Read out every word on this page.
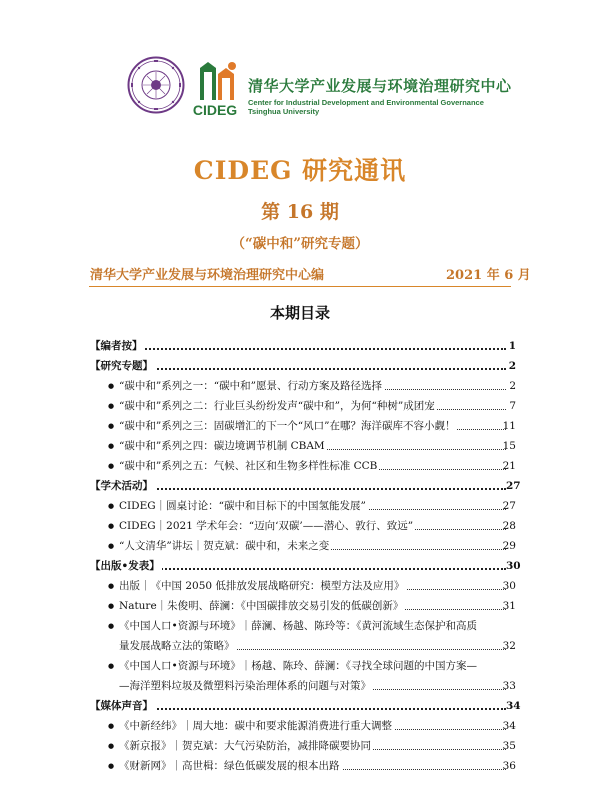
CIDEG
清华大学产业发展与环境治理研究中心
Center for Industrial Development and Environmental Governance
Tsinghua University
CIDEG 研究通讯
第 16 期
（“碳中和”研究专题）
清华大学产业发展与环境治理研究中心编	2021 年 6 月
本期目录
【编者按】	1
【研究专题】	2
● “碳中和”系列之一：“碳中和”愿景、行动方案及路径选择	2
● “碳中和”系列之二：行业巨头纷纷发声“碳中和”，为何“种树”成团宠	7
● “碳中和”系列之三：固碳增汇的下一个“风口”在哪？海洋碳库不容小觑！	11
● “碳中和”系列之四：碳边境调节机制 CBAM	15
● “碳中和”系列之五：气候、社区和生物多样性标准 CCB	21
【学术活动】	27
● CIDEG｜圆桌讨论：“碳中和目标下的中国氢能发展”	27
● CIDEG｜2021 学术年会：“迈向‘双碳’——潜心、敦行、致远”	28
● “人文清华”讲坛｜贺克斌：碳中和，未来之变	29
【出版•发表】	30
● 出版｜《中国 2050 低排放发展战略研究：模型方法及应用》	30
● Nature｜朱俊明、薛澜：《中国碳排放交易引发的低碳创新》	31
● 《中国人口•资源与环境》｜薛澜、杨越、陈玲等：《黄河流域生态保护和高质
量发展战略立法的策略》	32
● 《中国人口•资源与环境》｜杨越、陈玲、薛澜：《寻找全球问题的中国方案—
—海洋塑料垃圾及微塑料污染治理体系的问题与对策》	33
【媒体声音】	34
● 《中新经纬》｜周大地：碳中和要求能源消费进行重大调整	34
● 《新京报》｜贺克斌：大气污染防治，减排降碳要协同	35
● 《财新网》｜高世楫：绿色低碳发展的根本出路	36
